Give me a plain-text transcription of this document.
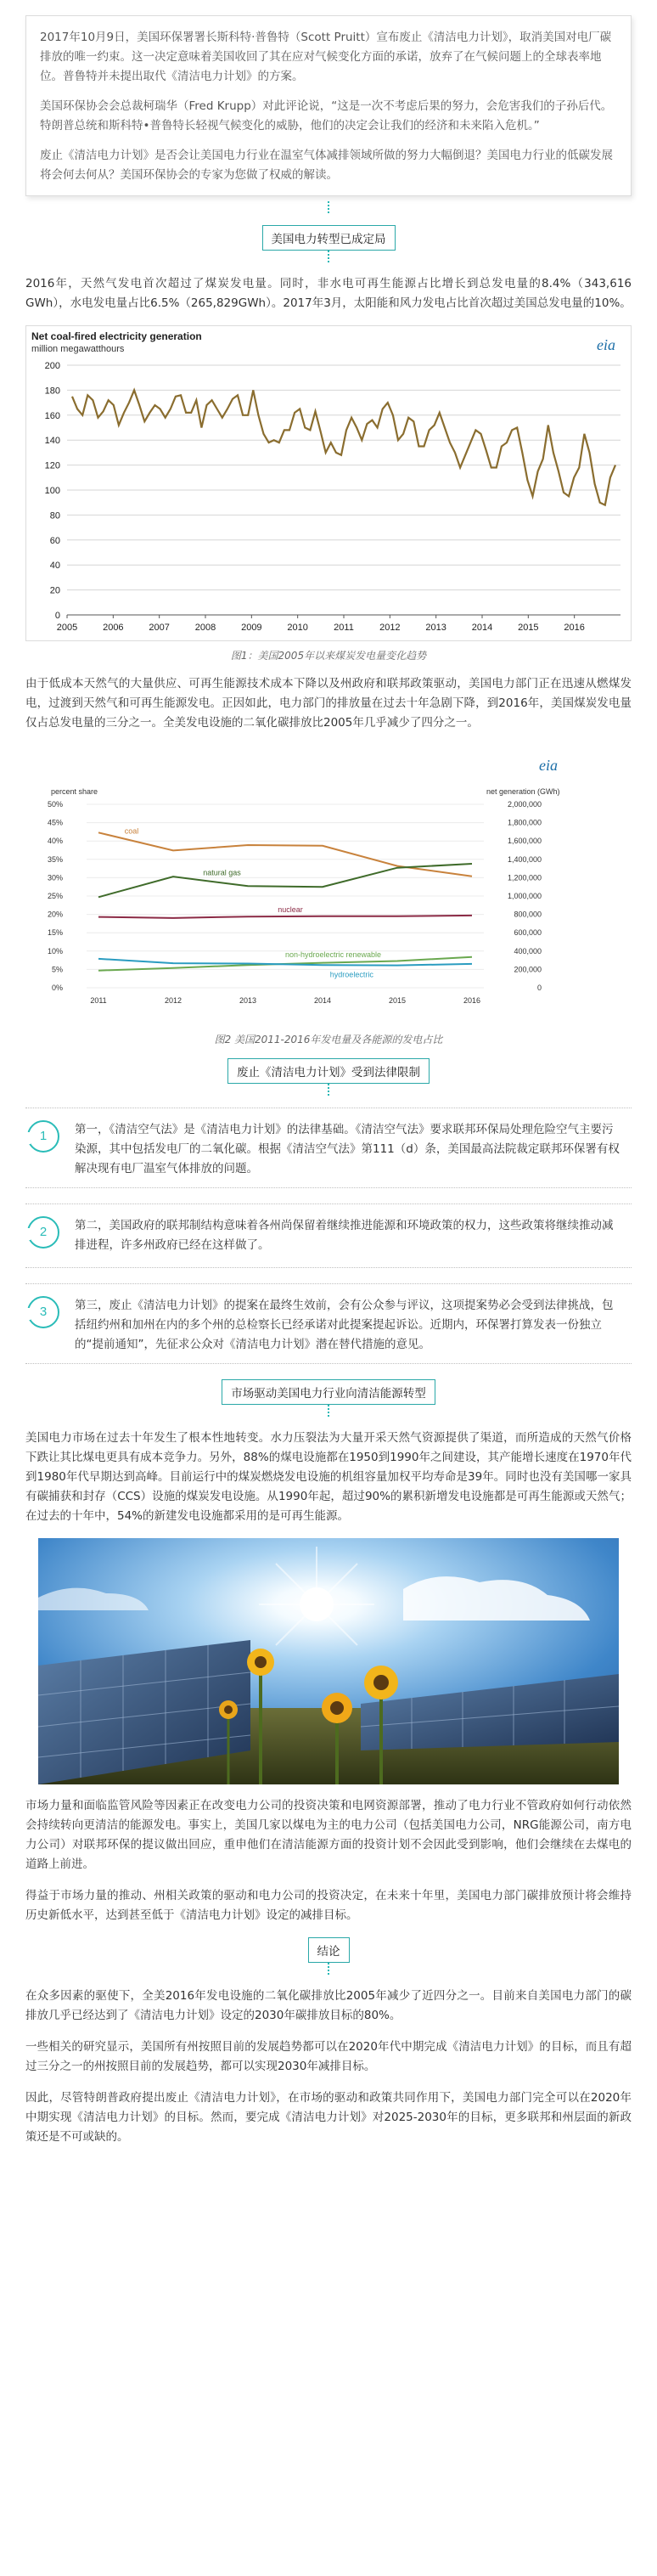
2017年10月9日，美国环保署署长斯科特·普鲁特（Scott Pruitt）宣布废止《清洁电力计划》，取消美国对电厂碳排放的唯一约束。这一决定意味着美国收回了其在应对气候变化方面的承诺，放弃了在气候问题上的全球表率地位。普鲁特并未提出取代《清洁电力计划》的方案。

美国环保协会会总裁柯瑞华（Fred Krupp）对此评论说，“这是一次不考虑后果的努力，会危害我们的子孙后代。特朗普总统和斯科特•普鲁特长轻视气候变化的威胁，他们的决定会让我们的经济和未来陷入危机。”

废止《清洁电力计划》是否会让美国电力行业在温室气体减排领域所做的努力大幅倒退？美国电力行业的低碳发展将会何去何从？美国环保协会的专家为您做了权威的解读。

美国电力转型已成定局

2016年，天然气发电首次超过了煤炭发电量。同时，非水电可再生能源占比增长到总发电量的8.4%（343,616 GWh），水电发电量占比6.5%（265,829GWh）。2017年3月，太阳能和风力发电占比首次超过美国总发电量的10%。

Net coal-fired electricity generation
million megawatthours	eia
0
20
40
60
80
100
120
140
160
180
200
2005	2006	2007	2008	2009	2010	2011	2012	2013	2014	2015	2016
图1：美国2005年以来煤炭发电量变化趋势

由于低成本天然气的大量供应、可再生能源技术成本下降以及州政府和联邦政策驱动，美国电力部门正在迅速从燃煤发电，过渡到天然气和可再生能源发电。正因如此，电力部门的排放量在过去十年急剧下降，到2016年，美国煤炭发电量仅占总发电量的三分之一。全美发电设施的二氧化碳排放比2005年几乎减少了四分之一。

eia
percent share	net generation (GWh)
0%
5%
10%
15%
20%
25%
30%
35%
40%
45%
50%
0
200,000
400,000
600,000
800,000
1,000,000
1,200,000
1,400,000
1,600,000
1,800,000
2,000,000
2011	2012	2013	2014	2015	2016
coal
natural gas
nuclear
non-hydroelectric renewable
hydroelectric
图2 美国2011-2016年发电量及各能源的发电占比
废止《清洁电力计划》受到法律限制
1	第一，《清洁空气法》是《清洁电力计划》的法律基础。《清洁空气法》要求联邦环保局处理危险空气主要污染源，其中包括发电厂的二氧化碳。根据《清洁空气法》第111（d）条，美国最高法院裁定联邦环保署有权解决现有电厂温室气体排放的问题。
2	第二，美国政府的联邦制结构意味着各州尚保留着继续推进能源和环境政策的权力，这些政策将继续推动减排进程，许多州政府已经在这样做了。
3	第三，废止《清洁电力计划》的提案在最终生效前，会有公众参与评议，这项提案势必会受到法律挑战，包括纽约州和加州在内的多个州的总检察长已经承诺对此提案提起诉讼。近期内，环保署打算发表一份独立的“提前通知”，先征求公众对《清洁电力计划》潜在替代措施的意见。
市场驱动美国电力行业向清洁能源转型

美国电力市场在过去十年发生了根本性地转变。水力压裂法为大量开采天然气资源提供了渠道，而所造成的天然气价格下跌让其比煤电更具有成本竞争力。另外，88%的煤电设施都在1950到1990年之间建设，其产能增长速度在1970年代到1980年代早期达到高峰。目前运行中的煤炭燃烧发电设施的机组容量加权平均寿命是39年。同时也没有美国哪一家具有碳捕获和封存（CCS）设施的煤炭发电设施。从1990年起，超过90%的累积新增发电设施都是可再生能源或天然气；在过去的十年中，54%的新建发电设施都采用的是可再生能源。

市场力量和面临监管风险等因素正在改变电力公司的投资决策和电网资源部署，推动了电力行业不管政府如何行动依然会持续转向更清洁的能源发电。事实上，美国几家以煤电为主的电力公司（包括美国电力公司，NRG能源公司，南方电力公司）对联邦环保的提议做出回应，重申他们在清洁能源方面的投资计划不会因此受到影响，他们会继续在去煤电的道路上前进。

得益于市场力量的推动、州相关政策的驱动和电力公司的投资决定，在未来十年里，美国电力部门碳排放预计将会维持历史新低水平，达到甚至低于《清洁电力计划》设定的减排目标。

结论

在众多因素的驱使下，全美2016年发电设施的二氧化碳排放比2005年减少了近四分之一。目前来自美国电力部门的碳排放几乎已经达到了《清洁电力计划》设定的2030年碳排放目标的80%。

一些相关的研究显示，美国所有州按照目前的发展趋势都可以在2020年代中期完成《清洁电力计划》的目标，而且有超过三分之一的州按照目前的发展趋势，都可以实现2030年减排目标。

因此，尽管特朗普政府提出废止《清洁电力计划》，在市场的驱动和政策共同作用下，美国电力部门完全可以在2020年中期实现《清洁电力计划》的目标。然而，要完成《清洁电力计划》对2025-2030年的目标，更多联邦和州层面的新政策还是不可或缺的。
